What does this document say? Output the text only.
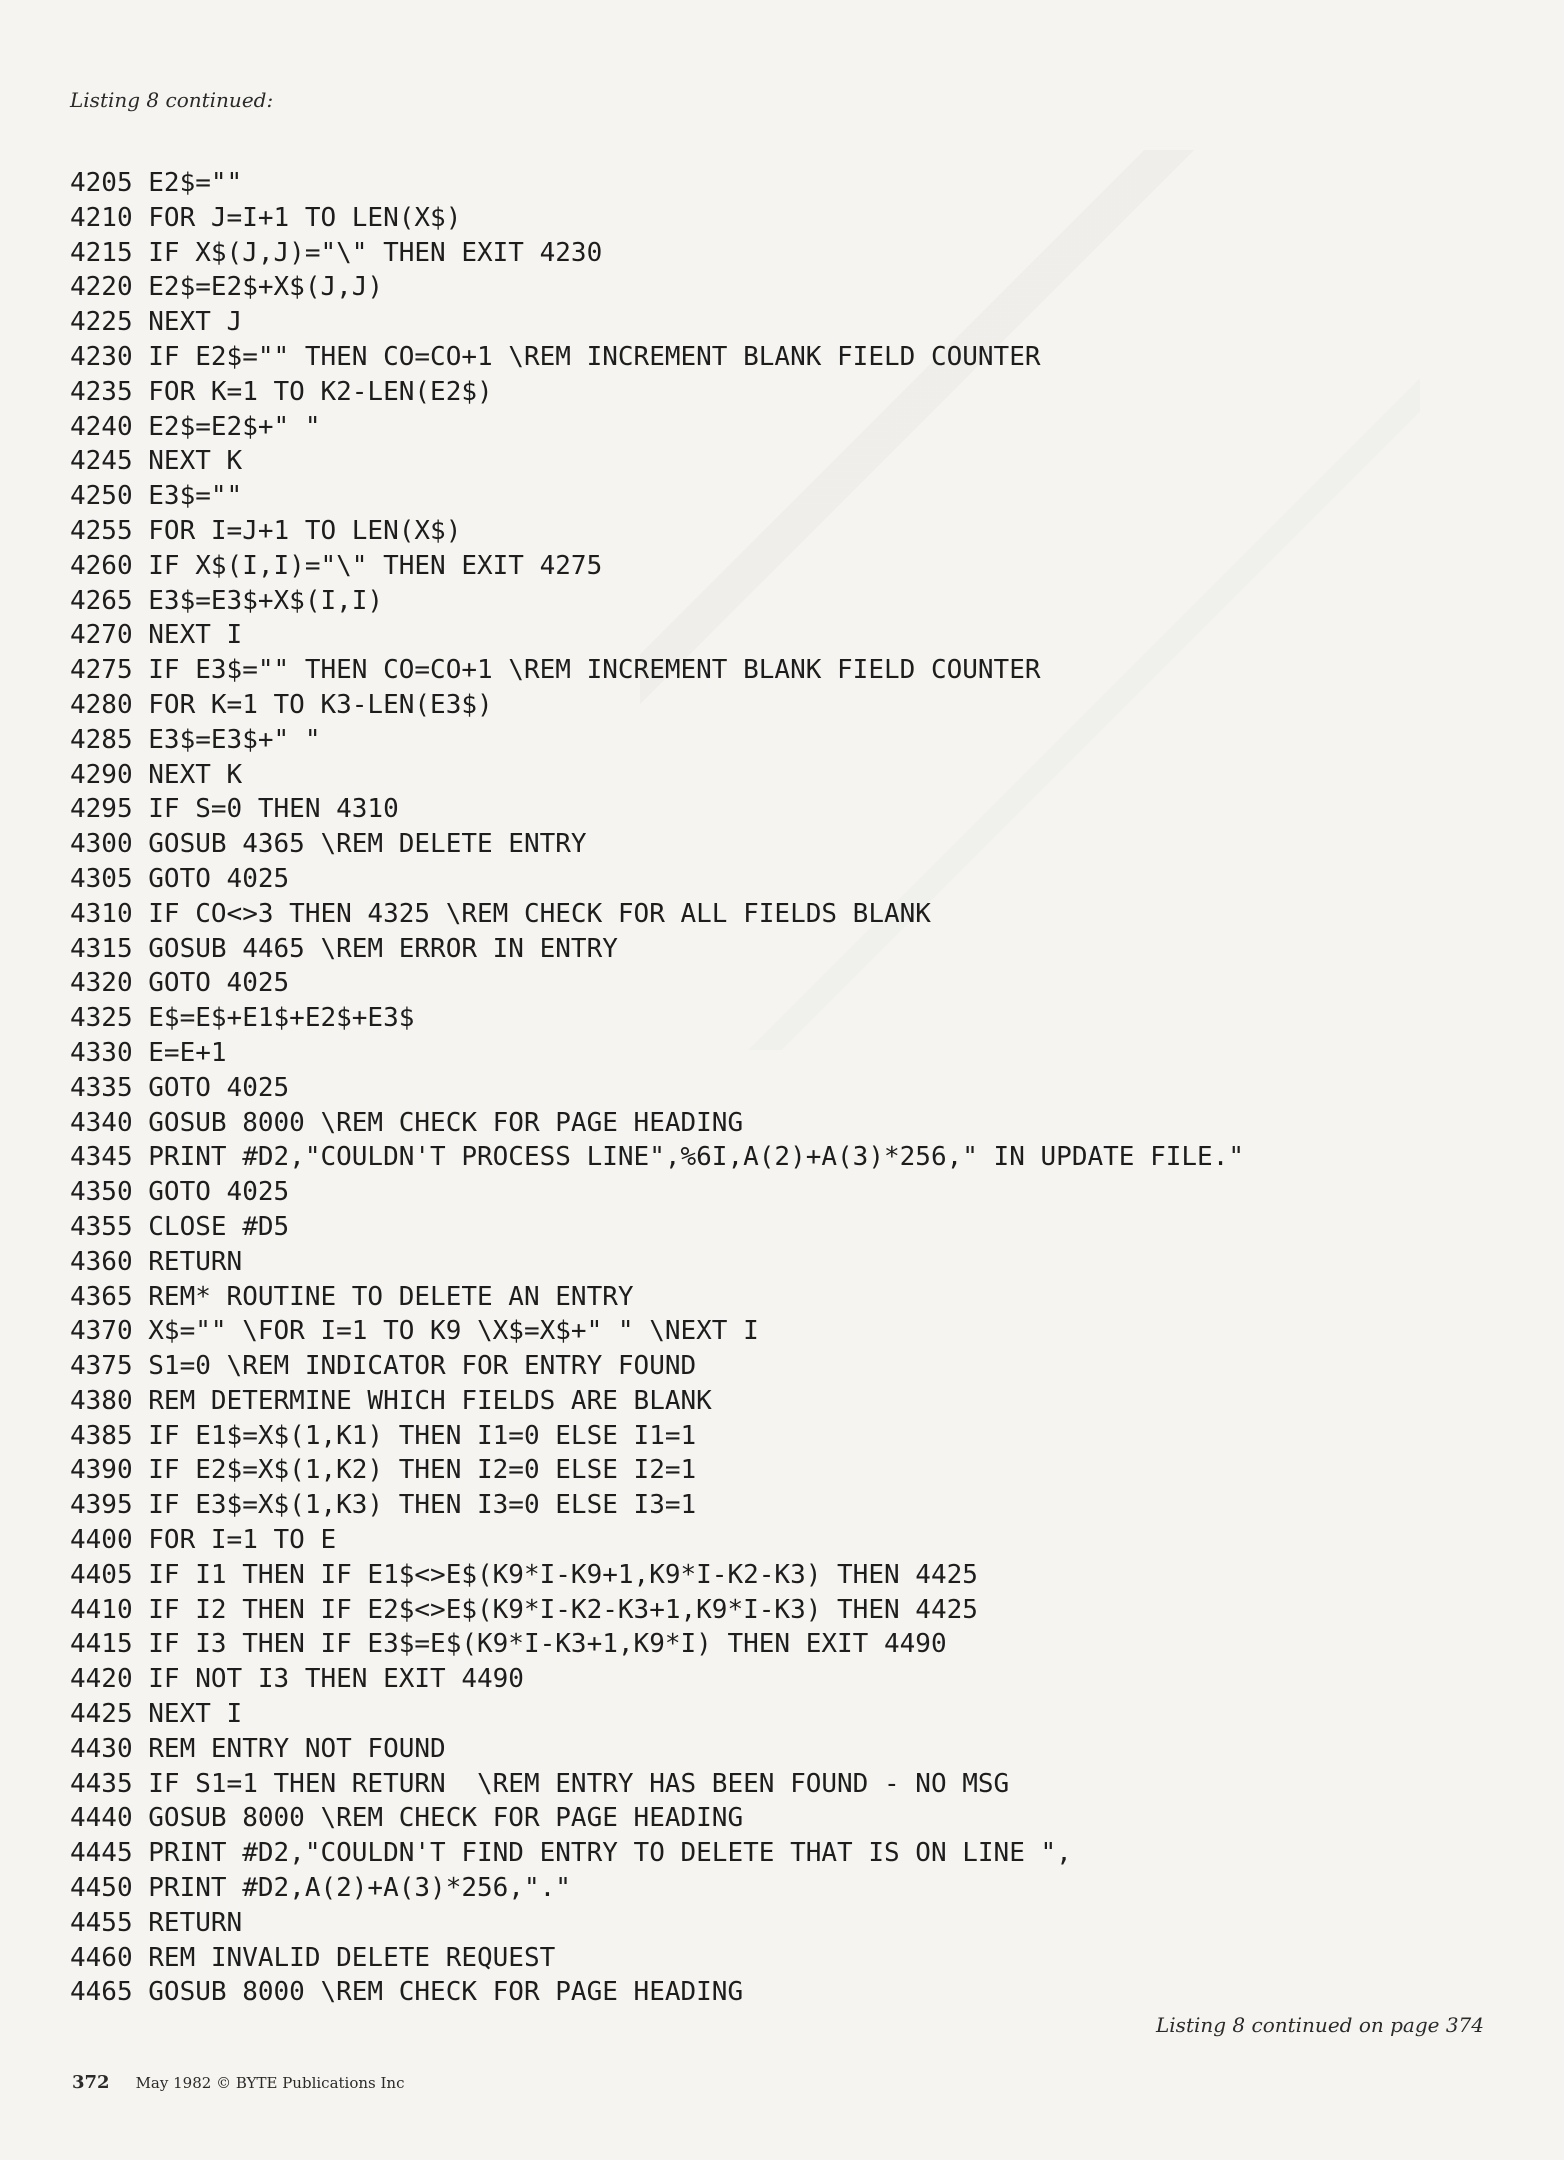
Listing 8 continued:

4205 E2$=""
4210 FOR J=I+1 TO LEN(X$)
4215 IF X$(J,J)="\" THEN EXIT 4230
4220 E2$=E2$+X$(J,J)
4225 NEXT J
4230 IF E2$="" THEN CO=CO+1 \REM INCREMENT BLANK FIELD COUNTER
4235 FOR K=1 TO K2-LEN(E2$)
4240 E2$=E2$+" "
4245 NEXT K
4250 E3$=""
4255 FOR I=J+1 TO LEN(X$)
4260 IF X$(I,I)="\" THEN EXIT 4275
4265 E3$=E3$+X$(I,I)
4270 NEXT I
4275 IF E3$="" THEN CO=CO+1 \REM INCREMENT BLANK FIELD COUNTER
4280 FOR K=1 TO K3-LEN(E3$)
4285 E3$=E3$+" "
4290 NEXT K
4295 IF S=0 THEN 4310
4300 GOSUB 4365 \REM DELETE ENTRY
4305 GOTO 4025
4310 IF CO<>3 THEN 4325 \REM CHECK FOR ALL FIELDS BLANK
4315 GOSUB 4465 \REM ERROR IN ENTRY
4320 GOTO 4025
4325 E$=E$+E1$+E2$+E3$
4330 E=E+1
4335 GOTO 4025
4340 GOSUB 8000 \REM CHECK FOR PAGE HEADING
4345 PRINT #D2,"COULDN'T PROCESS LINE",%6I,A(2)+A(3)*256," IN UPDATE FILE."
4350 GOTO 4025
4355 CLOSE #D5
4360 RETURN
4365 REM* ROUTINE TO DELETE AN ENTRY
4370 X$="" \FOR I=1 TO K9 \X$=X$+" " \NEXT I
4375 S1=0 \REM INDICATOR FOR ENTRY FOUND
4380 REM DETERMINE WHICH FIELDS ARE BLANK
4385 IF E1$=X$(1,K1) THEN I1=0 ELSE I1=1
4390 IF E2$=X$(1,K2) THEN I2=0 ELSE I2=1
4395 IF E3$=X$(1,K3) THEN I3=0 ELSE I3=1
4400 FOR I=1 TO E
4405 IF I1 THEN IF E1$<>E$(K9*I-K9+1,K9*I-K2-K3) THEN 4425
4410 IF I2 THEN IF E2$<>E$(K9*I-K2-K3+1,K9*I-K3) THEN 4425
4415 IF I3 THEN IF E3$=E$(K9*I-K3+1,K9*I) THEN EXIT 4490
4420 IF NOT I3 THEN EXIT 4490
4425 NEXT I
4430 REM ENTRY NOT FOUND
4435 IF S1=1 THEN RETURN  \REM ENTRY HAS BEEN FOUND - NO MSG
4440 GOSUB 8000 \REM CHECK FOR PAGE HEADING
4445 PRINT #D2,"COULDN'T FIND ENTRY TO DELETE THAT IS ON LINE ",
4450 PRINT #D2,A(2)+A(3)*256,"."
4455 RETURN
4460 REM INVALID DELETE REQUEST
4465 GOSUB 8000 \REM CHECK FOR PAGE HEADING

Listing 8 continued on page 374

372 May 1982 © BYTE Publications Inc
